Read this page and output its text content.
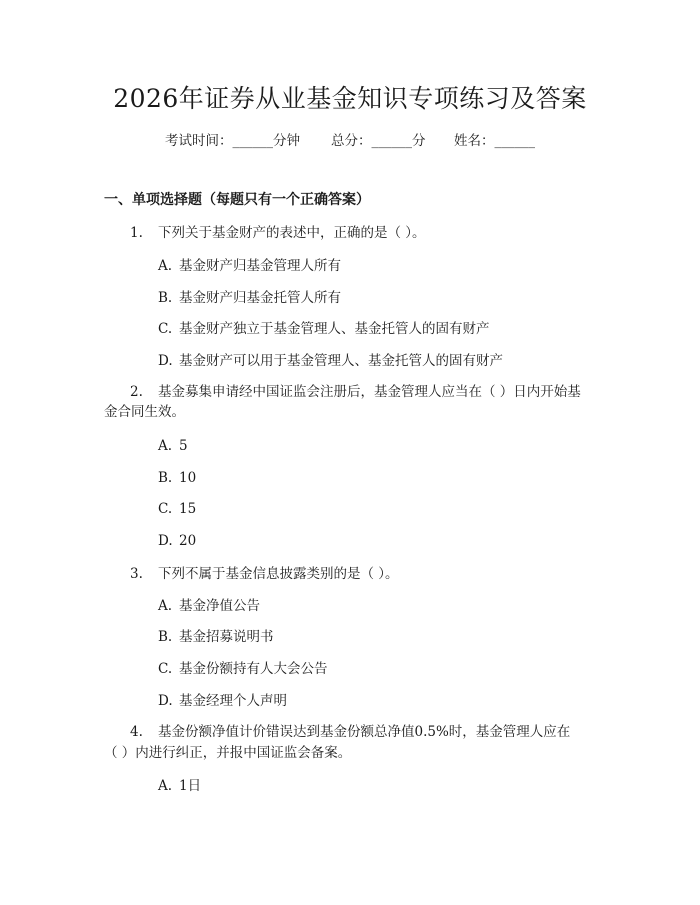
2026年证券从业基金知识专项练习及答案
考试时间：______分钟 总分：______分 姓名：______
一、单项选择题（每题只有一个正确答案）
1. 下列关于基金财产的表述中，正确的是（ ）。
A. 基金财产归基金管理人所有
B. 基金财产归基金托管人所有
C. 基金财产独立于基金管理人、基金托管人的固有财产
D. 基金财产可以用于基金管理人、基金托管人的固有财产
2. 基金募集申请经中国证监会注册后，基金管理人应当在（ ）日内开始基
金合同生效。
A. 5
B. 10
C. 15
D. 20
3. 下列不属于基金信息披露类别的是（ ）。
A. 基金净值公告
B. 基金招募说明书
C. 基金份额持有人大会公告
D. 基金经理个人声明
4. 基金份额净值计价错误达到基金份额总净值0.5%时，基金管理人应在
（ ）内进行纠正，并报中国证监会备案。
A. 1日
